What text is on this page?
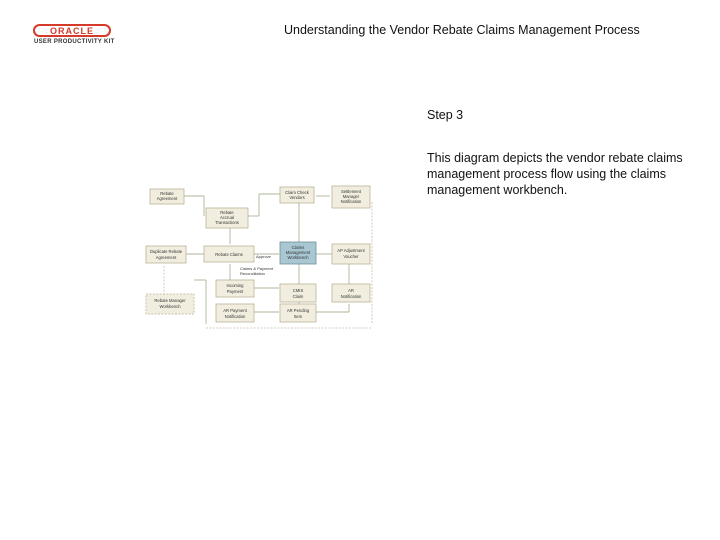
ORACLE
USER PRODUCTIVITY KIT
Understanding the Vendor Rebate Claims Management Process
Step 3
This diagram depicts the vendor rebate claims management process flow using the claims management workbench.
Rebate
Agreement
Rebate
Accrual
Transactions
Claim Check
Vendors
Settlement
Manager
Notification
Duplicate Rebate
Agreement
Rebate Claims
Claims
Management
Workbench
AP Adjustment
Voucher
Approve
Claims & Payment
Reconciliation
Incoming
Payment	CMIS
Claim
AR
Notification
Rebate Manager
Workbench
AR Payment
Notification
AR Pending
Item
